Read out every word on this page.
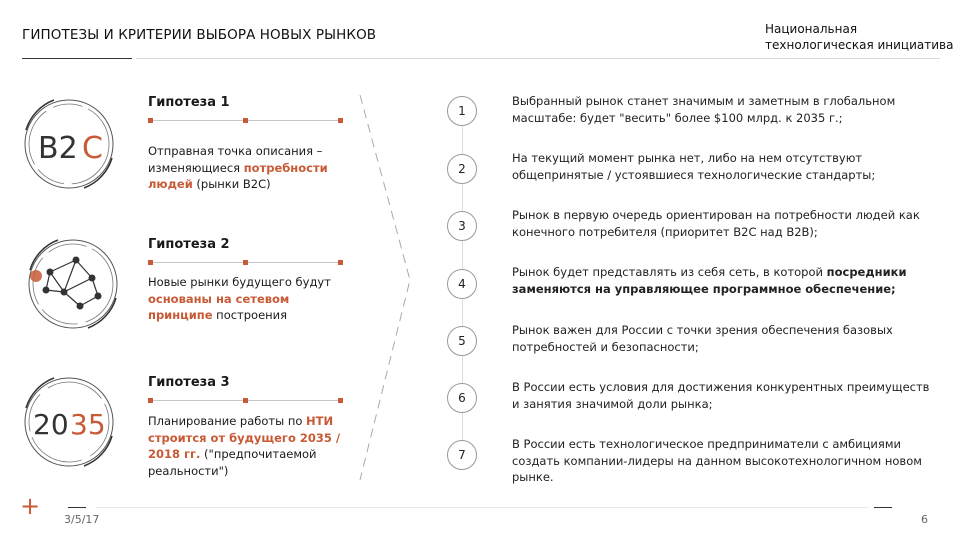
ГИПОТЕЗЫ И КРИТЕРИИ ВЫБОРА НОВЫХ РЫНКОВ	Национальная
технологическая инициатива
B2 C
20 35
Гипотеза 1
Отправная точка описания – изменяющиеся потребности людей (рынки B2C)
Гипотеза 2
Новые рынки будущего будут основаны на сетевом принципе построения
Гипотеза 3
Планирование работы по НТИ строится от будущего 2035 / 2018 гг. ("предпочитаемой реальности")
1
Выбранный рынок станет значимым и заметным в глобальном масштабе: будет "весить" более $100 млрд. к 2035 г.;
2
На текущий момент рынка нет, либо на нем отсутствуют общепринятые / устоявшиеся технологические стандарты;
3
Рынок в первую очередь ориентирован на потребности людей как конечного потребителя (приоритет B2C над B2B);
4
Рынок будет представлять из себя сеть, в которой посредники заменяются на управляющее программное обеспечение;
5
Рынок важен для России с точки зрения обеспечения базовых потребностей и безопасности;
6
В России есть условия для достижения конкурентных преимуществ и занятия значимой доли рынка;
7
В России есть технологическое предприниматели с амбициями создать компании-лидеры на данном высокотехнологичном новом рынке.
+ 3/5/17	6
